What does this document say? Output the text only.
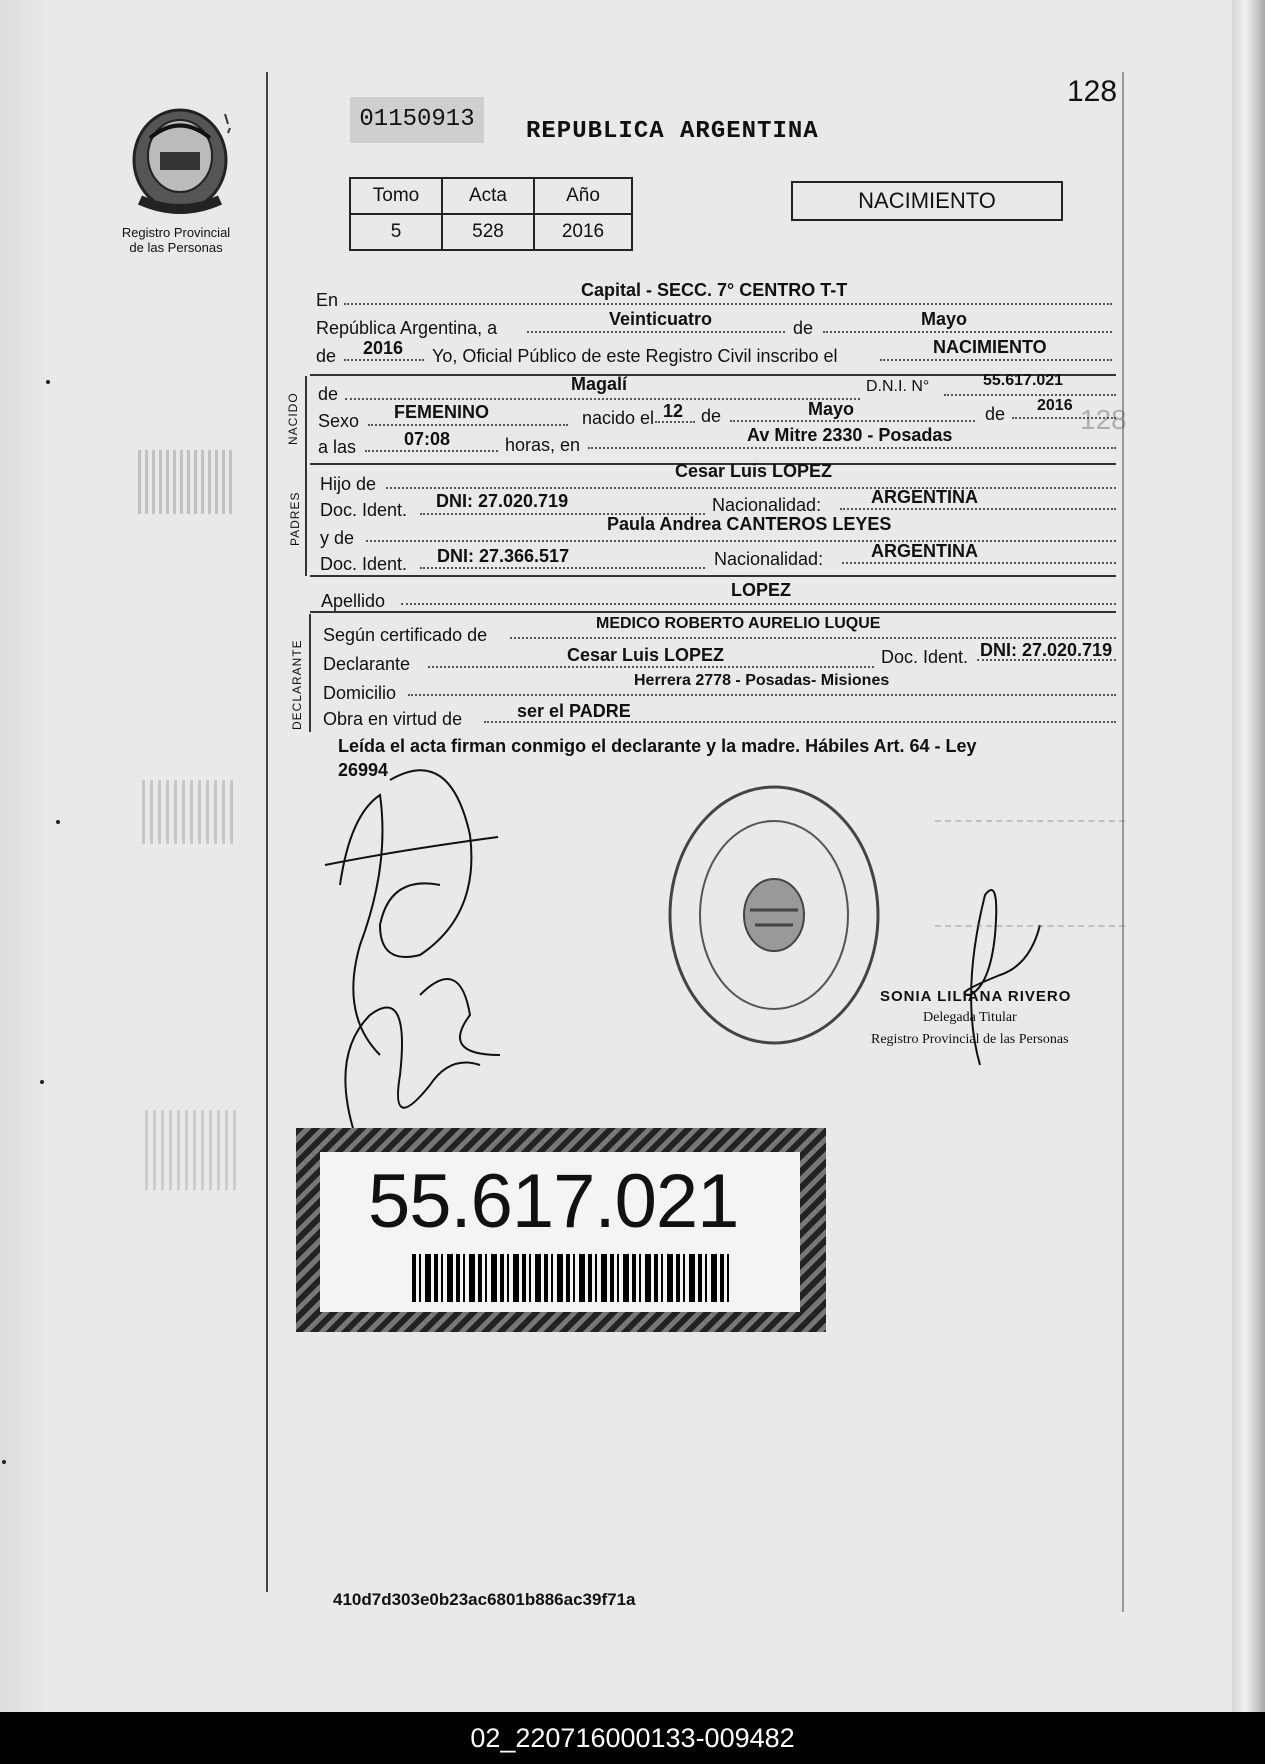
128
Registro Provincial
de las Personas
01150913	REPUBLICA ARGENTINA
Tomo	Acta	Año
5	528	2016
NACIMIENTO
En	Capital - SECC. 7° CENTRO T-T
República Argentina, a	Veinticuatro	de	Mayo
de 2016 Yo, Oficial Público de este Registro Civil inscribo el	NACIMIENTO
NACIDO de	Magalí	D.N.I. N°	55.617.021
Sexo FEMENINO	nacido el 12 de	Mayo	de 2016 128
a las	07:08	horas, en	Av Mitre 2330 - Posadas
PADRES
Hijo de
Cesar Luis LOPEZ
Doc. Ident. DNI: 27.020.719	Nacionalidad:	ARGENTINA
y de
Paula Andrea CANTEROS LEYES
Doc. Ident. DNI: 27.366.517	Nacionalidad:	ARGENTINA
Apellido
LOPEZ
DECLARANTE
Según certificado de
MEDICO ROBERTO AURELIO LUQUE
Declarante	Cesar Luis LOPEZ	Doc. Ident. DNI: 27.020.719
Domicilio
Herrera 2778 - Posadas- Misiones
Obra en virtud de	ser el PADRE
Leída el acta firman conmigo el declarante y la madre. Hábiles Art. 64 - Ley
26994
SONIA LILIANA RIVERO
Delegada Titular
Registro Provincial de las Personas
55.617.021
410d7d303e0b23ac6801b886ac39f71a
02_220716000133-009482
